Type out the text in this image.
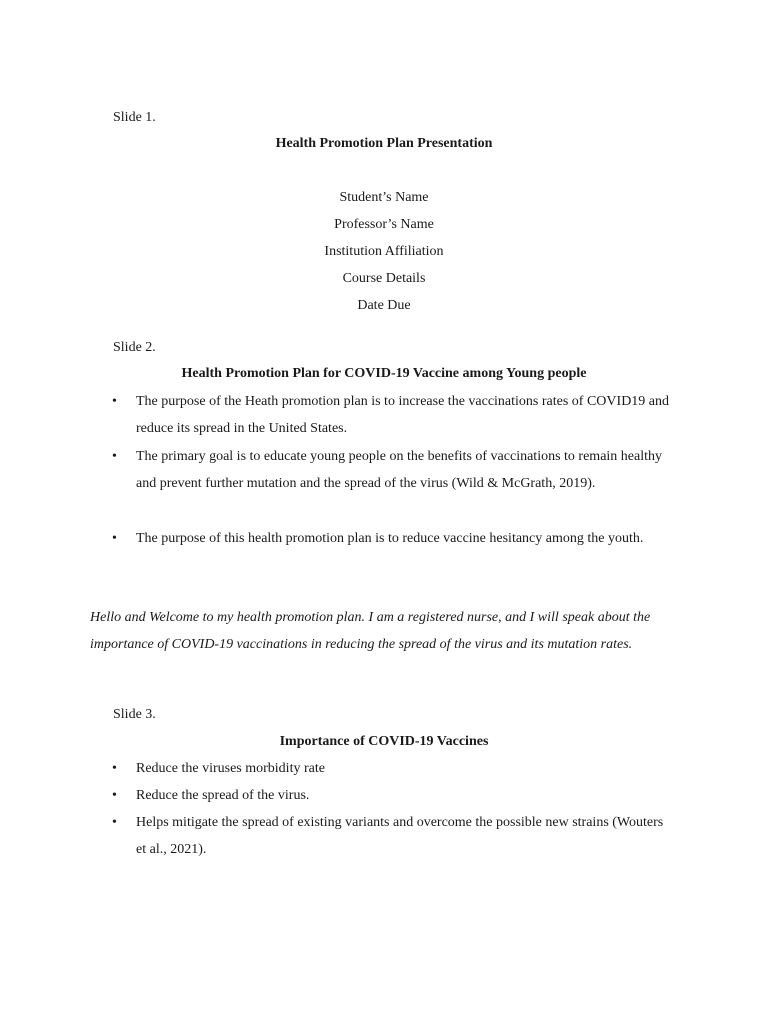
Slide 1.
Health Promotion Plan Presentation
Student’s Name
Professor’s Name
Institution Affiliation
Course Details
Date Due
Slide 2.
Health Promotion Plan for COVID-19 Vaccine among Young people
• The purpose of the Heath promotion plan is to increase the vaccinations rates of COVID19 and reduce its spread in the United States.
• The primary goal is to educate young people on the benefits of vaccinations to remain healthy and prevent further mutation and the spread of the virus (Wild & McGrath, 2019).
• The purpose of this health promotion plan is to reduce vaccine hesitancy among the youth.
Hello and Welcome to my health promotion plan. I am a registered nurse, and I will speak about the importance of COVID-19 vaccinations in reducing the spread of the virus and its mutation rates.
Slide 3.
Importance of COVID-19 Vaccines
• Reduce the viruses morbidity rate
• Reduce the spread of the virus.
• Helps mitigate the spread of existing variants and overcome the possible new strains (Wouters et al., 2021).
